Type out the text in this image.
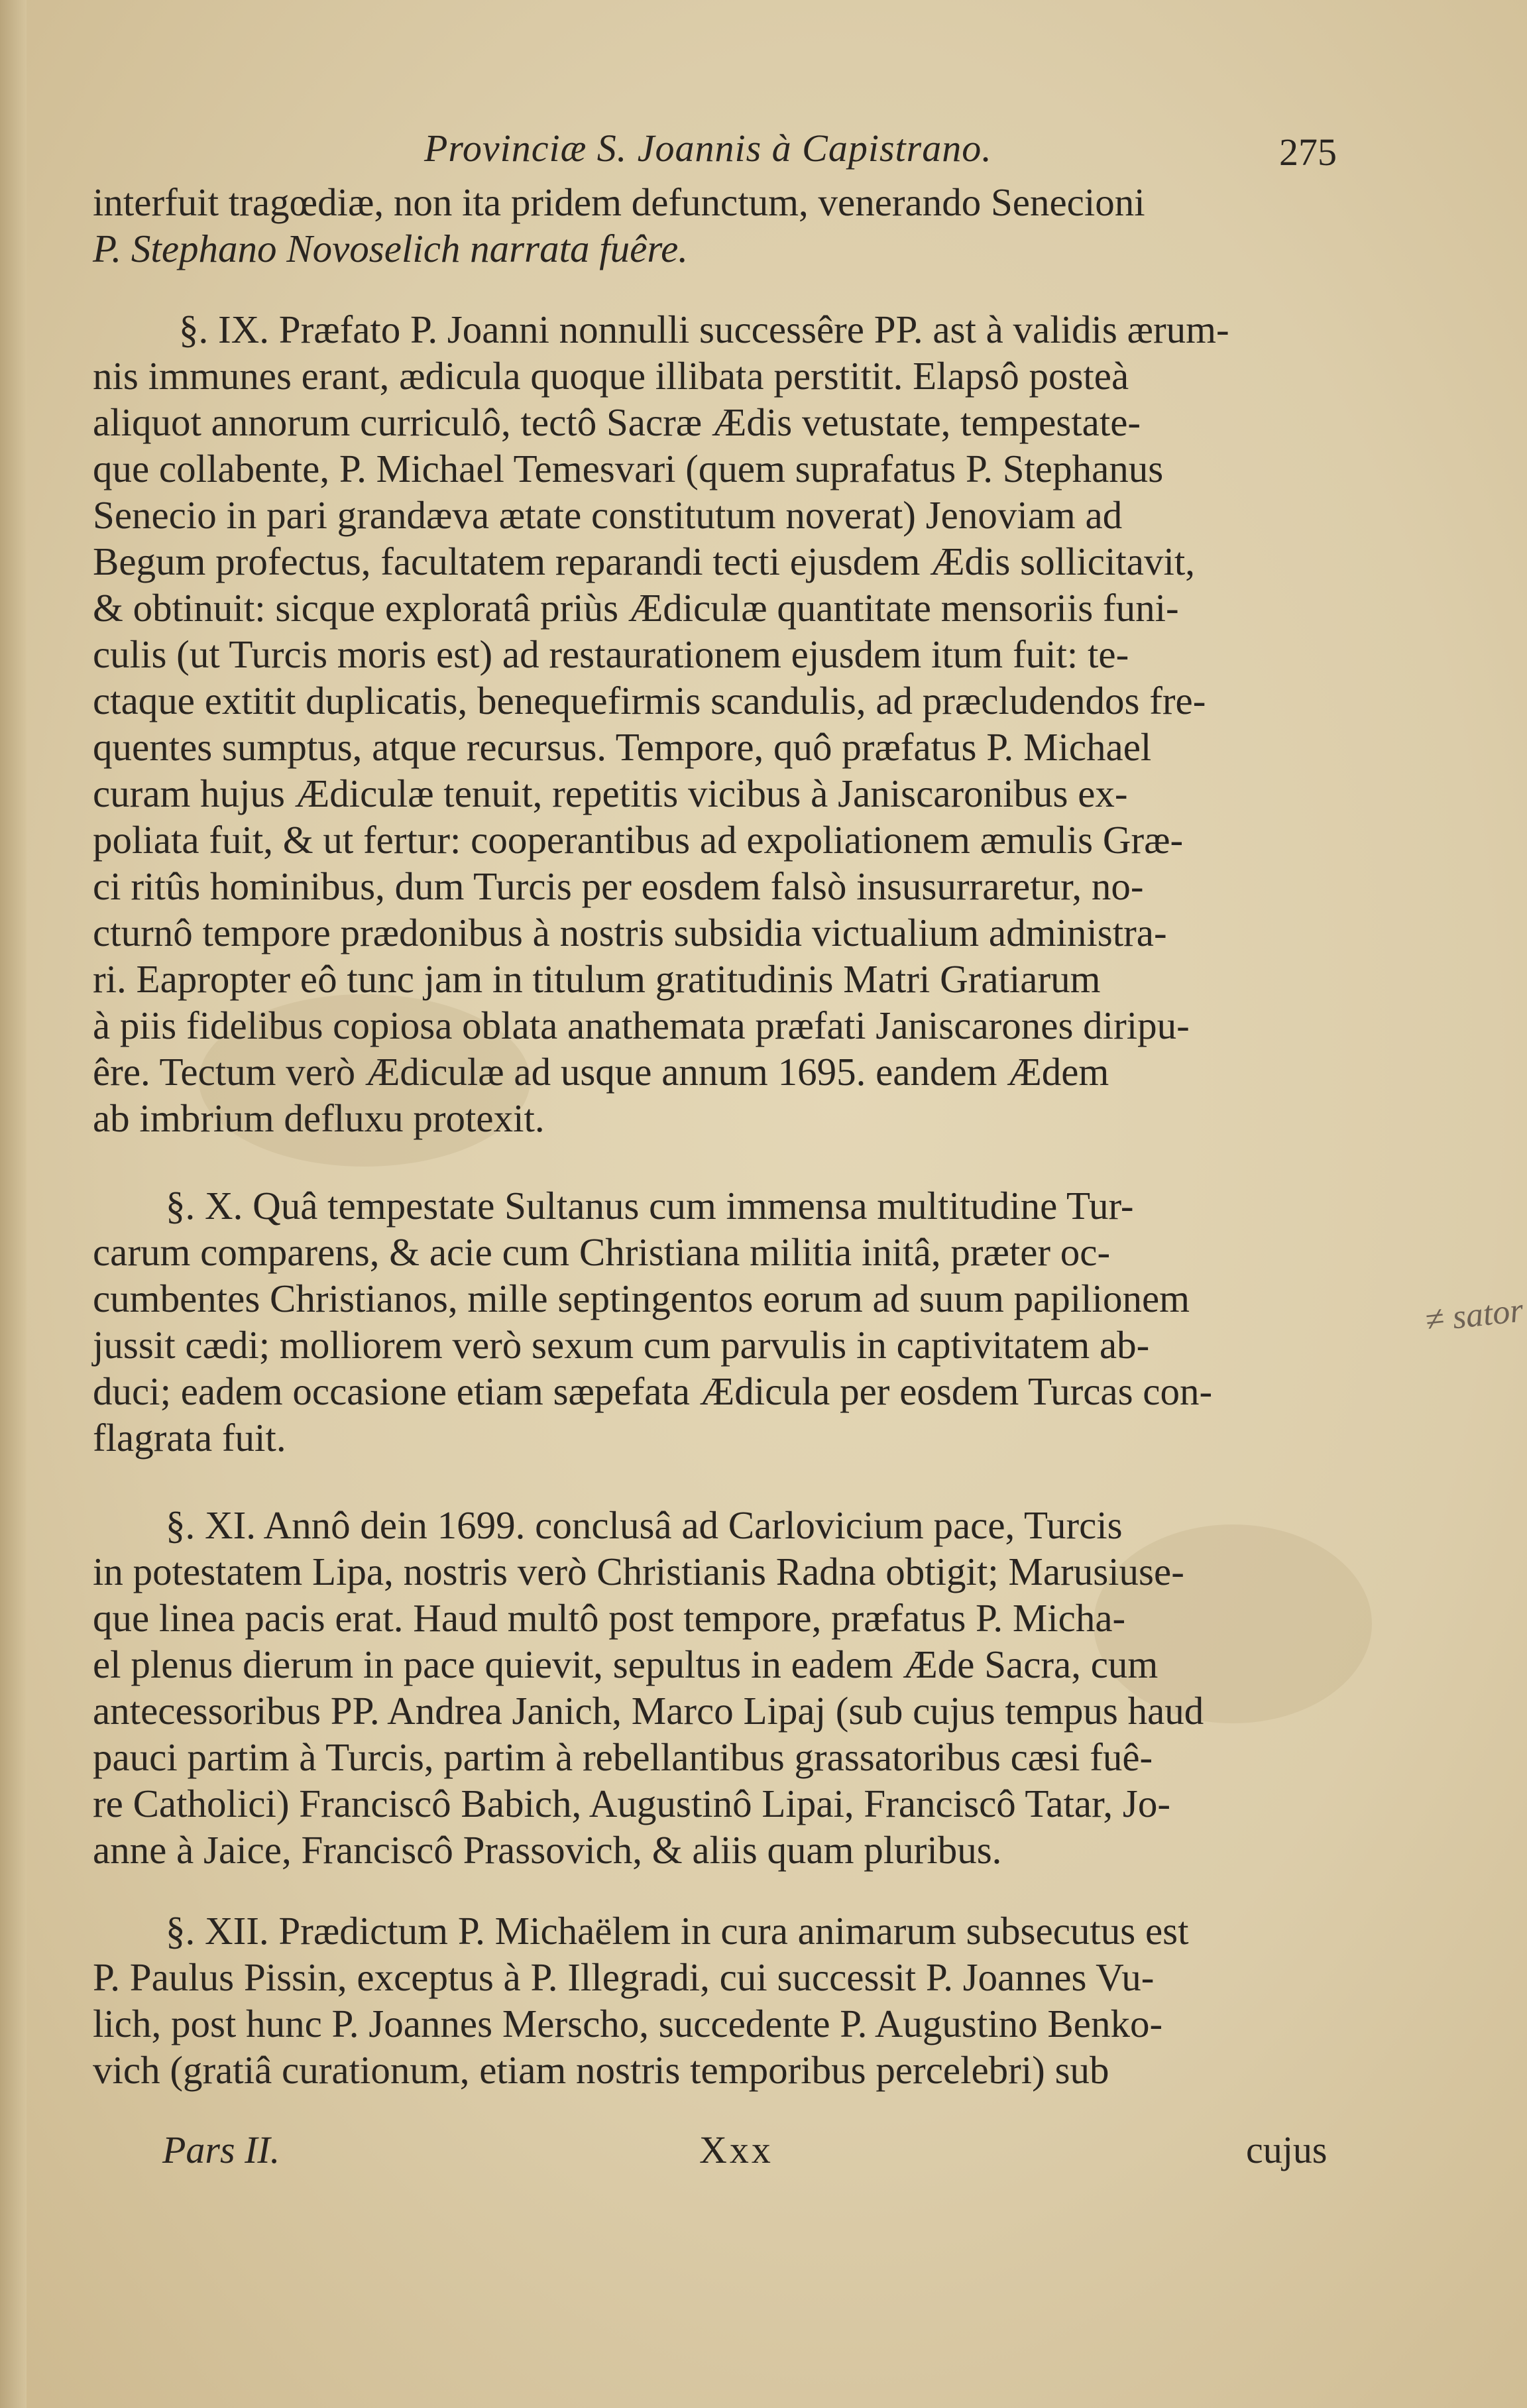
Provinciæ S. Joannis à Capistrano.	275
interfuit tragœdiæ, non ita pridem defunctum, venerando Senecioni
P. Stephano Novoselich narrata fuêre.
§. IX. Præfato P. Joanni nonnulli successêre PP. ast à validis ærum-
nis immunes erant, ædicula quoque illibata perstitit. Elapsô posteà
aliquot annorum curriculô, tectô Sacræ Ædis vetustate, tempestate-
que collabente, P. Michael Temesvari (quem suprafatus P. Stephanus
Senecio in pari grandæva ætate constitutum noverat) Jenoviam ad
Begum profectus, facultatem reparandi tecti ejusdem Ædis sollicitavit,
& obtinuit: sicque exploratâ priùs Ædiculæ quantitate mensoriis funi-
culis (ut Turcis moris est) ad restaurationem ejusdem itum fuit: te-
ctaque extitit duplicatis, benequefirmis scandulis, ad præcludendos fre-
quentes sumptus, atque recursus. Tempore, quô præfatus P. Michael
curam hujus Ædiculæ tenuit, repetitis vicibus à Janiscaronibus ex-
poliata fuit, & ut fertur: cooperantibus ad expoliationem æmulis Græ-
ci ritûs hominibus, dum Turcis per eosdem falsò insusurraretur, no-
cturnô tempore prædonibus à nostris subsidia victualium administra-
ri. Eapropter eô tunc jam in titulum gratitudinis Matri Gratiarum
à piis fidelibus copiosa oblata anathemata præfati Janiscarones diripu-
êre. Tectum verò Ædiculæ ad usque annum 1695. eandem Ædem
ab imbrium defluxu protexit.
§. X. Quâ tempestate Sultanus cum immensa multitudine Tur-
carum comparens, & acie cum Christiana militia initâ, præter oc-
cumbentes Christianos, mille septingentos eorum ad suum papilionem
jussit cædi; molliorem verò sexum cum parvulis in captivitatem ab-
duci; eadem occasione etiam sæpefata Ædicula per eosdem Turcas con-
flagrata fuit.
§. XI. Annô dein 1699. conclusâ ad Carlovicium pace, Turcis
in potestatem Lipa, nostris verò Christianis Radna obtigit; Marusiuse-
que linea pacis erat. Haud multô post tempore, præfatus P. Micha-
el plenus dierum in pace quievit, sepultus in eadem Æde Sacra, cum
antecessoribus PP. Andrea Janich, Marco Lipaj (sub cujus tempus haud
pauci partim à Turcis, partim à rebellantibus grassatoribus cæsi fuê-
re Catholici) Franciscô Babich, Augustinô Lipai, Franciscô Tatar, Jo-
anne à Jaice, Franciscô Prassovich, & aliis quam pluribus.
§. XII. Prædictum P. Michaëlem in cura animarum subsecutus est
P. Paulus Pissin, exceptus à P. Illegradi, cui successit P. Joannes Vu-
lich, post hunc P. Joannes Merscho, succedente P. Augustino Benko-
vich (gratiâ curationum, etiam nostris temporibus percelebri) sub
≠ sator
Pars II.	Xxx	cujus
